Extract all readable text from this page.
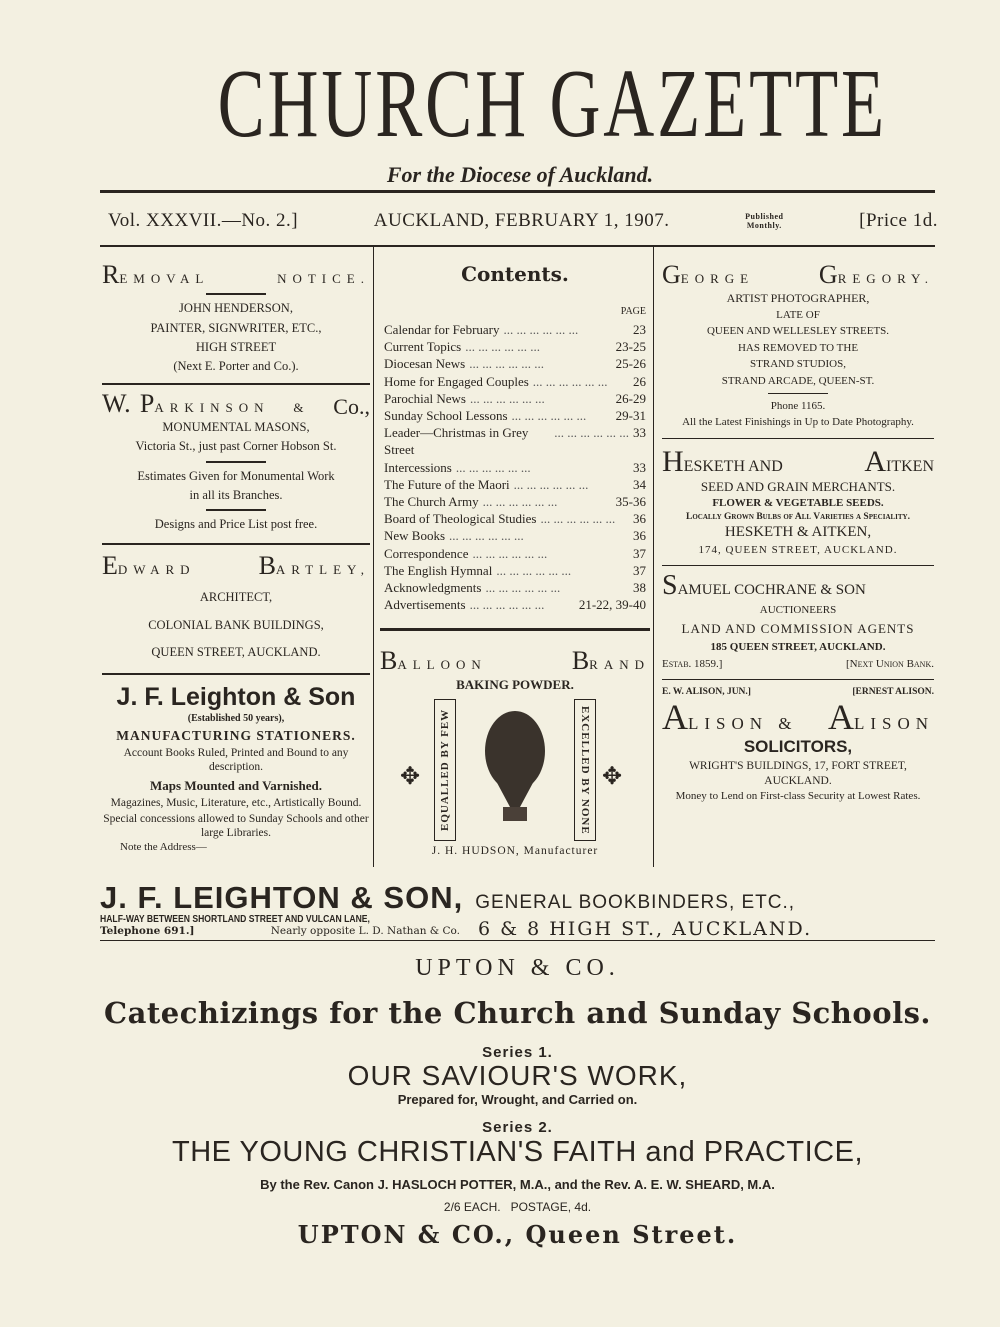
CHURCH GAZETTE
For the Diocese of Auckland.
Vol. XXXVII.—No. 2.]	AUCKLAND, FEBRUARY 1, 1907.	Published
Monthly.	[Price 1d.
REMOVAL	NOTICE.
JOHN HENDERSON,
PAINTER, SIGNWRITER, ETC.,
HIGH STREET
(Next E. Porter and Co.).
W. PARKINSON & Co.,
MONUMENTAL MASONS,
Victoria St., just past Corner Hobson St.
Estimates Given for Monumental Work
in all its Branches.
Designs and Price List post free.
EDWARD BARTLEY,
ARCHITECT,
COLONIAL BANK BUILDINGS,
QUEEN STREET, AUCKLAND.
J. F. Leighton & Son
(Established 50 years),
MANUFACTURING STATIONERS.
Account Books Ruled, Printed and Bound to any description.
Maps Mounted and Varnished.
Magazines, Music, Literature, etc., Artistically Bound.
Special concessions allowed to Sunday Schools and other large Libraries.
Note the Address—
Contents.
PAGE
Calendar for February ... ... ... ... ... ...	23
Current Topics ... ... ... ... ... ...	23-25
Diocesan News ... ... ... ... ... ...	25-26
Home for Engaged Couples ... ... ... ... ... ...	26
Parochial News ... ... ... ... ... ...	26-29
Sunday School Lessons ... ... ... ... ... ...	29-31
Leader—Christmas in Grey Street
... ... ... ... ... ... 33
Intercessions ... ... ... ... ... ...	33
The Future of the Maori ... ... ... ... ... ...	34
The Church Army ... ... ... ... ... ...	35-36
Board of Theological Studies ... ... ... ... ... ...	36
New Books ... ... ... ... ... ...	36
Correspondence ... ... ... ... ... ...	37
The English Hymnal ... ... ... ... ... ...	37
Acknowledgments ... ... ... ... ... ...	38
Advertisements ... ... ... ... ... ...	21-22, 39-40
BALLOON	BRAND
BAKING POWDER.
✥	EQUALLED BY FEW	EXCELLED BY NONE ✥
J. H. HUDSON, Manufacturer
GEORGE GREGORY.
ARTIST PHOTOGRAPHER,
LATE OF
QUEEN AND WELLESLEY STREETS.
HAS REMOVED TO THE
STRAND STUDIOS,
STRAND ARCADE, QUEEN-ST.
Phone 1165.
All the Latest Finishings in Up to Date Photography.
HESKETH AND	AITKEN
SEED AND GRAIN MERCHANTS.
FLOWER & VEGETABLE SEEDS.
Locally Grown Bulbs of All Varieties a Speciality.
HESKETH & AITKEN,
174, QUEEN STREET, AUCKLAND.
SAMUEL COCHRANE & SON
AUCTIONEERS
LAND AND COMMISSION AGENTS
185 QUEEN STREET, AUCKLAND.
Estab. 1859.]	[Next Union Bank.
E. W. ALISON, JUN.]	[ERNEST ALISON.
ALISON & ALISON
SOLICITORS,
WRIGHT'S BUILDINGS, 17, FORT STREET,
AUCKLAND.
Money to Lend on First-class Security at Lowest Rates.
J. F. LEIGHTON & SON, GENERAL BOOKBINDERS, ETC.,
HALF-WAY BETWEEN SHORTLAND STREET AND VULCAN LANE,
Telephone 691.]	Nearly opposite L. D. Nathan & Co. 6 & 8 HIGH ST., AUCKLAND.
UPTON & CO.
Catechizings for the Church and Sunday Schools.
Series 1.
OUR SAVIOUR'S WORK,
Prepared for, Wrought, and Carried on.
Series 2.
THE YOUNG CHRISTIAN'S FAITH and PRACTICE,
By the Rev. Canon J. HASLOCH POTTER, M.A., and the Rev. A. E. W. SHEARD, M.A.
2/6 EACH.   POSTAGE, 4d.
UPTON & CO., Queen Street.
